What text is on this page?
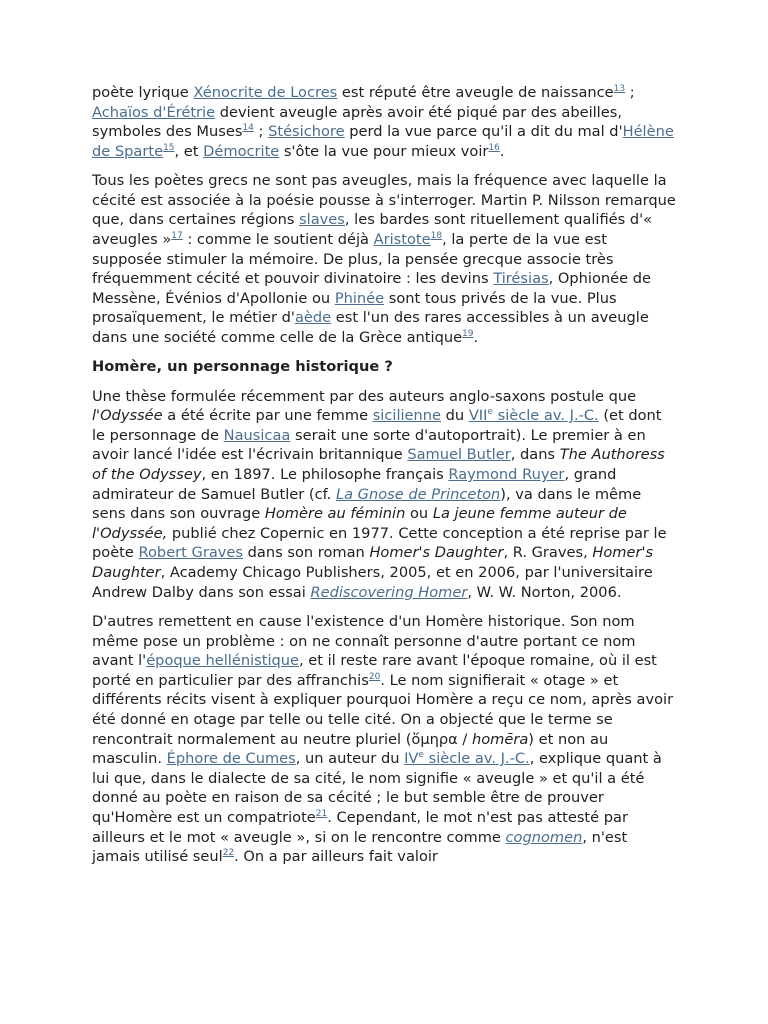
poète lyrique Xénocrite de Locres est réputé être aveugle de naissance$^{13}$ ; Achaïos d'Érétrie devient aveugle après avoir été piqué par des abeilles, symboles des Muses$^{14}$ ; Stésichore perd la vue parce qu'il a dit du mal d'Hélène de Sparte$^{15}$, et Démocrite s'ôte la vue pour mieux voir$^{16}$.

Tous les poètes grecs ne sont pas aveugles, mais la fréquence avec laquelle la cécité est associée à la poésie pousse à s'interroger. Martin P. Nilsson remarque que, dans certaines régions slaves, les bardes sont rituellement qualifiés d'« aveugles »$^{17}$ : comme le soutient déjà Aristote$^{18}$, la perte de la vue est supposée stimuler la mémoire. De plus, la pensée grecque associe très fréquemment cécité et pouvoir divinatoire : les devins Tirésias, Ophionée de Messène, Événios d'Apollonie ou Phinée sont tous privés de la vue. Plus prosaïquement, le métier d'aède est l'un des rares accessibles à un aveugle dans une société comme celle de la Grèce antique$^{19}$.

Homère, un personnage historique ?

Une thèse formulée récemment par des auteurs anglo-saxons postule que l'Odyssée a été écrite par une femme sicilienne du VIIe siècle av. J.-C. (et dont le personnage de Nausicaa serait une sorte d'autoportrait). Le premier à en avoir lancé l'idée est l'écrivain britannique Samuel Butler, dans The Authoress of the Odyssey, en 1897. Le philosophe français Raymond Ruyer, grand admirateur de Samuel Butler (cf. La Gnose de Princeton), va dans le même sens dans son ouvrage Homère au féminin ou La jeune femme auteur de l'Odyssée, publié chez Copernic en 1977. Cette conception a été reprise par le poète Robert Graves dans son roman Homer's Daughter, R. Graves, Homer's Daughter, Academy Chicago Publishers, 2005, et en 2006, par l'universitaire Andrew Dalby dans son essai Rediscovering Homer, W. W. Norton, 2006.

D'autres remettent en cause l'existence d'un Homère historique. Son nom même pose un problème : on ne connaît personne d'autre portant ce nom avant l'époque hellénistique, et il reste rare avant l'époque romaine, où il est porté en particulier par des affranchis$^{20}$. Le nom signifierait « otage » et différents récits visent à expliquer pourquoi Homère a reçu ce nom, après avoir été donné en otage par telle ou telle cité. On a objecté que le terme se rencontrait normalement au neutre pluriel (ὅμηρα / homēra) et non au masculin. Éphore de Cumes, un auteur du IVe siècle av. J.-C., explique quant à lui que, dans le dialecte de sa cité, le nom signifie « aveugle » et qu'il a été donné au poète en raison de sa cécité ; le but semble être de prouver qu'Homère est un compatriote$^{21}$. Cependant, le mot n'est pas attesté par ailleurs et le mot « aveugle », si on le rencontre comme cognomen, n'est jamais utilisé seul$^{22}$. On a par ailleurs fait valoir
